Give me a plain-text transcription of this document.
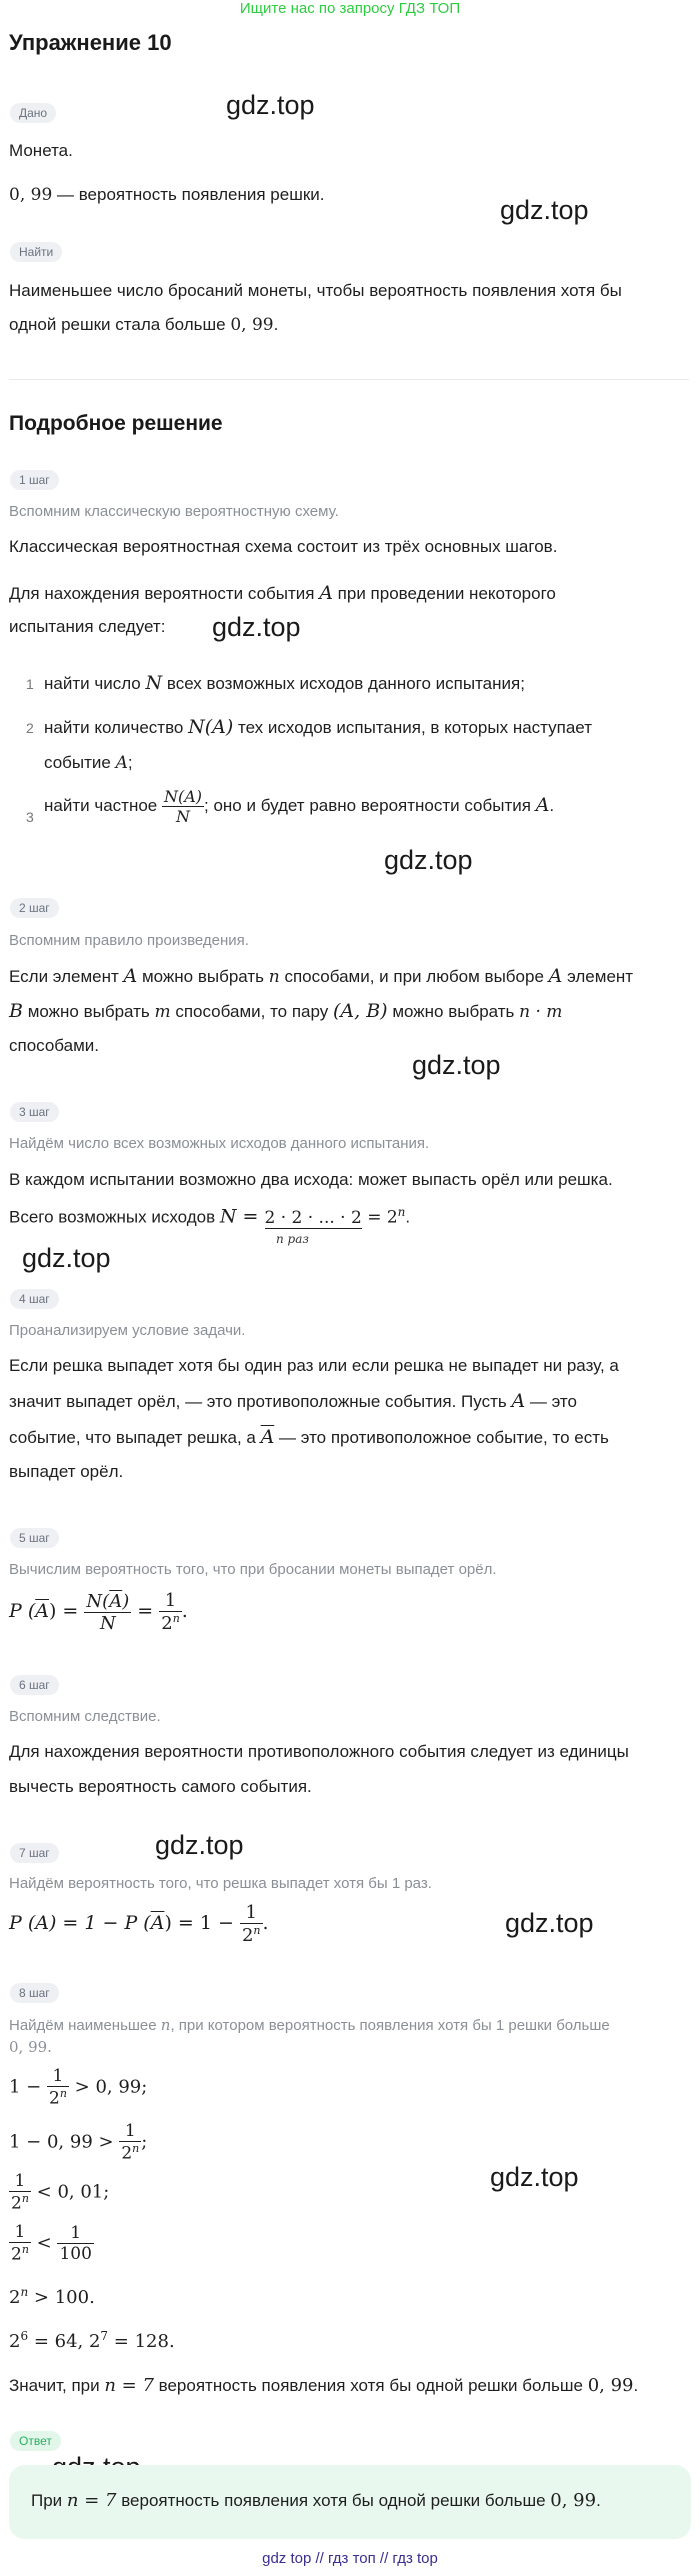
Ищите нас по запросу ГДЗ ТОП
Упражнение 10
gdz.top
gdz.top
gdz.top
gdz.top
gdz.top
gdz.top
gdz.top
gdz.top
gdz.top
Дано
Монета.
0, 99 — вероятность появления решки.
Найти
Наименьшее число бросаний монеты, чтобы вероятность появления хотя бы
одной решки стала больше 0, 99.
Подробное решение
1 шаг
Вспомним классическую вероятностную схему.
Классическая вероятностная схема состоит из трёх основных шагов.
Для нахождения вероятности события A при проведении некоторого
испытания следует:
1 найти число N всех возможных исходов данного испытания;
2 найти количество N(A) тех исходов испытания, в которых наступает
событие A;
3
найти частное $\frac{N(A)}{N}$ ; оно и будет равно вероятности события A.
2 шаг
Вспомним правило произведения.
Если элемент A можно выбрать n способами, и при любом выборе A элемент
B можно выбрать m способами, то пару (A, B) можно выбрать n · m
способами.
3 шаг
Найдём число всех возможных исходов данного испытания.
В каждом испытании возможно два исхода: может выпасть орёл или решка.
Всего возможных исходов N = 2 · 2 · ... · $2 = 2^n$.
n раз
4 шаг
Проанализируем условие задачи.
Если решка выпадет хотя бы один раз или если решка не выпадет ни разу, а
значит выпадет орёл, — это противоположные события. Пусть A — это
событие, что выпадет решка, а $\overline{A}$ — это противоположное событие, то есть
выпадет орёл.
5 шаг
Вычислим вероятность того, что при бросании монеты выпадет орёл.
P $(\overline{A}) = \frac{N(\overline{A})}{N} = \frac{1}{2^n}$ .
6 шаг
Вспомним следствие.
Для нахождения вероятности противоположного события следует из единицы
вычесть вероятность самого события.
7 шаг
Найдём вероятность того, что решка выпадет хотя бы 1 раз.
P (A) = 1 − P $(\overline{A}) = 1 - \frac{1}{2^n}$ .
8 шаг
Найдём наименьшее n, при котором вероятность появления хотя бы 1 решки больше
0, 99.
$1 - \frac{1}{2^n} > 0$, 99;
1 − 0, $99 > \frac{1}{2^n}$ ;
$\frac{1}{2^n} < 0$, 01;
$\frac{1}{2^n} < \frac{1}{100}$
$2^n > 100$.
$2^6 = 64$, $2^7 = 128$.
Значит, при n = 7 вероятность появления хотя бы одной решки больше 0, 99.
Ответ
При n = 7 вероятность появления хотя бы одной решки больше 0, 99.
gdz top // гдз топ // гдз top
